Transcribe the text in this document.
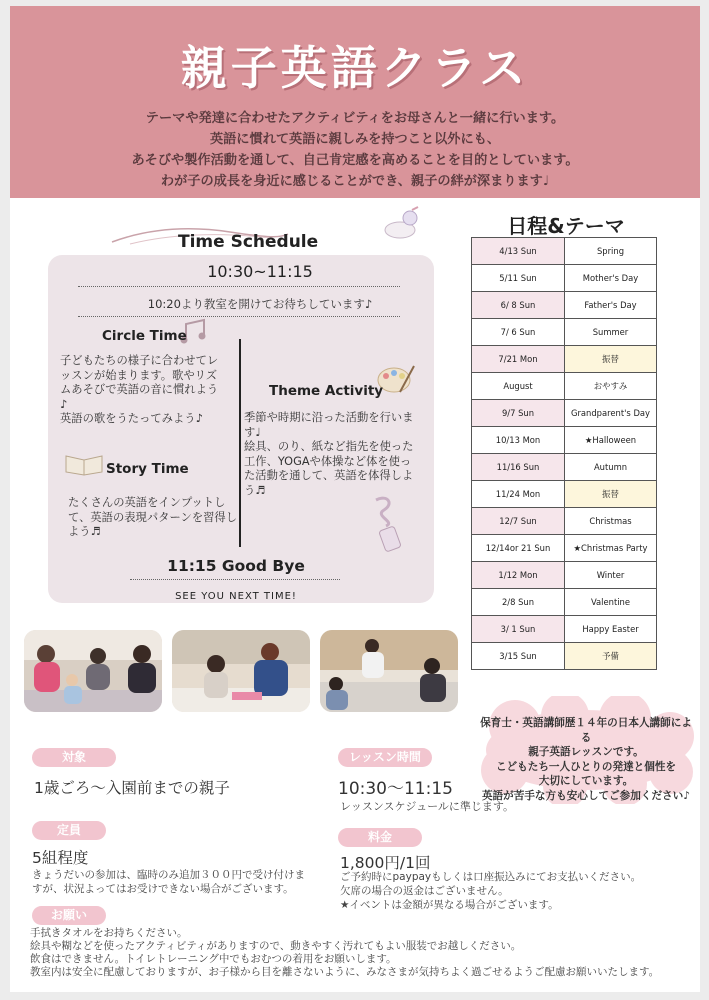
親子英語クラス
テーマや発達に合わせたアクティビティをお母さんと一緒に行います。
英語に慣れて英語に親しみを持つこと以外にも、
あそびや製作活動を通して、自己肯定感を高めることを目的としています。
わが子の成長を身近に感じることができ、親子の絆が深まります♩
Time Schedule
10:30~11:15
10:20より教室を開けてお待ちしています♪
Circle Time
子どもたちの様子に合わせてレッスンが始まります。歌やリズムあそびで英語の音に慣れよう♪
英語の歌をうたってみよう♪
Story Time
たくさんの英語をインプットして、英語の表現パターンを習得しよう♬
Theme Activity
季節や時期に沿った活動を行います♩
絵具、のり、紙など指先を使った工作、YOGAや体操など体を使った活動を通して、英語を体得しよう♬
11:15 Good Bye
SEE YOU NEXT TIME!
日程&テーマ
4/13 Sun	Spring
5/11 Sun	Mother's Day
6/ 8 Sun	Father's Day
7/ 6 Sun	Summer
7/21 Mon	振替
August	おやすみ
9/7 Sun	Grandparent's Day
10/13 Mon	★Halloween
11/16 Sun	Autumn
11/24 Mon	振替
12/7 Sun	Christmas
12/14or 21 Sun	★Christmas Party
1/12 Mon	Winter
2/8 Sun	Valentine
3/ 1 Sun	Happy Easter
3/15 Sun	予備
保育士・英語講師歴１４年の日本人講師による
親子英語レッスンです。
こどもたち一人ひとりの発達と個性を
大切にしています。
英語が苦手な方も安心してご参加ください♪
対象
1歳ごろ～入園前までの親子
レッスン時間
10:30～11:15
レッスンスケジュールに準じます。
定員
5組程度
きょうだいの参加は、臨時のみ追加３００円で受け付けますが、状況よってはお受けできない場合がございます。
料金
1,800円/1回
ご予約時にpaypayもしくは口座振込みにてお支払いください。
欠席の場合の返金はございません。
★イベントは金額が異なる場合がございます。
お願い
手拭きタオルをお持ちください。
絵具や糊などを使ったアクティビティがありますので、動きやすく汚れてもよい服装でお越しください。
飲食はできません。トイレトレーニング中でもおむつの着用をお願いします。
教室内は安全に配慮しておりますが、お子様から目を離さないように、みなさまが気持ちよく過ごせるようご配慮お願いいたします。
